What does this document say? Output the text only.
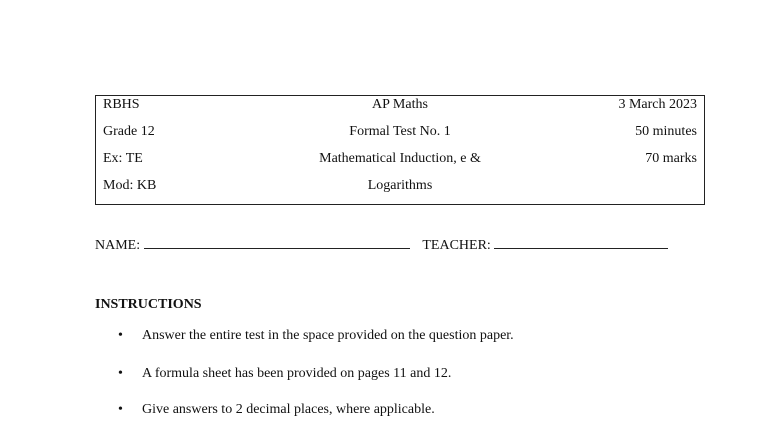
RBHS	AP Maths	3 March 2023
Grade 12	Formal Test No. 1	50 minutes
Ex: TE	Mathematical Induction, e &	70 marks
Mod: KB	Logarithms
NAME:	TEACHER:
INSTRUCTIONS
• Answer the entire test in the space provided on the question paper.
• A formula sheet has been provided on pages 11 and 12.
• Give answers to 2 decimal places, where applicable.
